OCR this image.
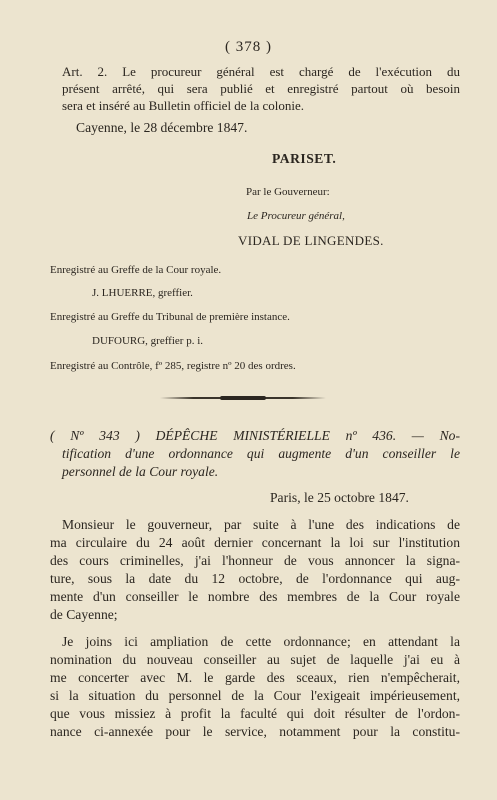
( 378 )
Art. 2. Le procureur général est chargé de l'exécution du
présent arrêté, qui sera publié et enregistré partout où besoin
sera et inséré au Bulletin officiel de la colonie.
Cayenne, le 28 décembre 1847.
PARISET.
Par le Gouverneur:
Le Procureur général,
VIDAL DE LINGENDES.
Enregistré au Greffe de la Cour royale.
J. LHUERRE, greffier.
Enregistré au Greffe du Tribunal de première instance.
DUFOURG, greffier p. i.
Enregistré au Contrôle, fº 285, registre nº 20 des ordres.
( Nº 343 ) DÉPÊCHE MINISTÉRIELLE nº 436. — No-
tification d'une ordonnance qui augmente d'un conseiller le
personnel de la Cour royale.
Paris, le 25 octobre 1847.
Monsieur le gouverneur, par suite à l'une des indications de
ma circulaire du 24 août dernier concernant la loi sur l'institution
des cours criminelles, j'ai l'honneur de vous annoncer la signa-
ture, sous la date du 12 octobre, de l'ordonnance qui aug-
mente d'un conseiller le nombre des membres de la Cour royale
de Cayenne;
Je joins ici ampliation de cette ordonnance; en attendant la
nomination du nouveau conseiller au sujet de laquelle j'ai eu à
me concerter avec M. le garde des sceaux, rien n'empêcherait,
si la situation du personnel de la Cour l'exigeait impérieusement,
que vous missiez à profit la faculté qui doit résulter de l'ordon-
nance ci-annexée pour le service, notamment pour la constitu-
